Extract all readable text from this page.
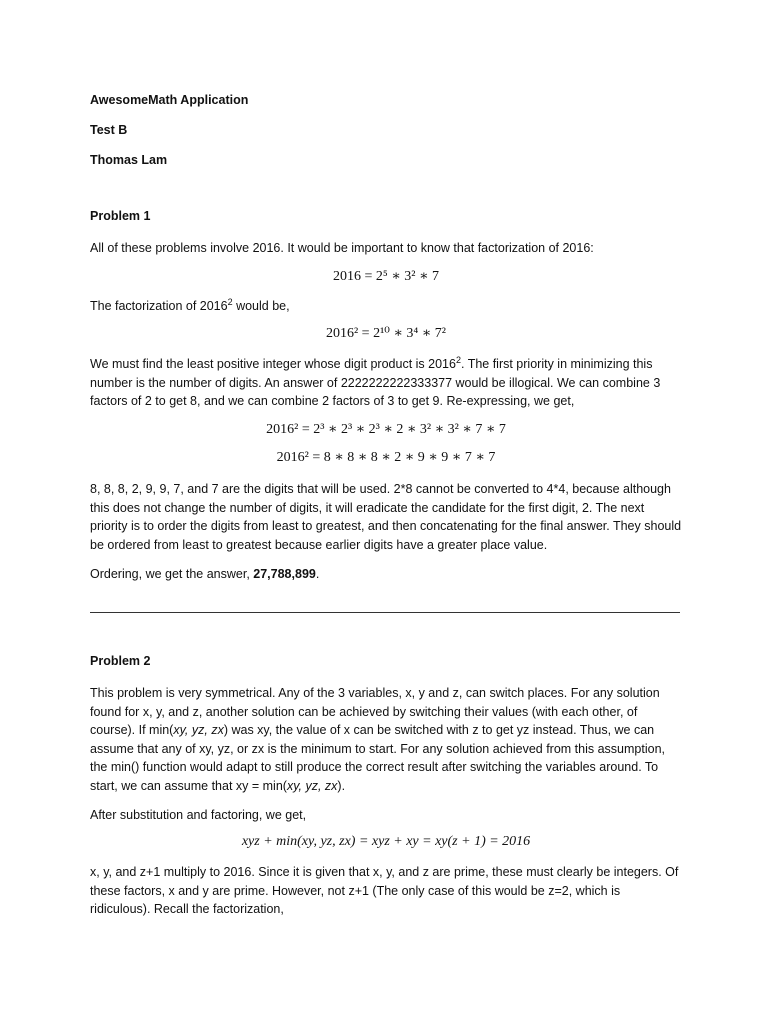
AwesomeMath Application
Test B
Thomas Lam
Problem 1

All of these problems involve 2016. It would be important to know that factorization of 2016:

2016 = 2⁵ ∗ 3² ∗ 7

The factorization of 2016$^2$ would be,

2016² = 2¹⁰ ∗ 3⁴ ∗ 7²

We must find the least positive integer whose digit product is 2016$^2$. The first priority in minimizing this number is the number of digits. An answer of 2222222222333377 would be illogical. We can combine 3 factors of 2 to get 8, and we can combine 2 factors of 3 to get 9. Re-expressing, we get,

2016² = 2³ ∗ 2³ ∗ 2³ ∗ 2 ∗ 3² ∗ 3² ∗ 7 ∗ 7
2016² = 8 ∗ 8 ∗ 8 ∗ 2 ∗ 9 ∗ 9 ∗ 7 ∗ 7

8, 8, 8, 2, 9, 9, 7, and 7 are the digits that will be used. 2*8 cannot be converted to 4*4, because although this does not change the number of digits, it will eradicate the candidate for the first digit, 2. The next priority is to order the digits from least to greatest, and then concatenating for the final answer. They should be ordered from least to greatest because earlier digits have a greater place value.

Ordering, we get the answer, 27,788,899.

Problem 2

This problem is very symmetrical. Any of the 3 variables, x, y and z, can switch places. For any solution found for x, y, and z, another solution can be achieved by switching their values (with each other, of course). If min(xy, yz, zx) was xy, the value of x can be switched with z to get yz instead. Thus, we can assume that any of xy, yz, or zx is the minimum to start. For any solution achieved from this assumption, the min() function would adapt to still produce the correct result after switching the variables around. To start, we can assume that xy = min(xy, yz, zx).

After substitution and factoring, we get,

xyz + min(xy, yz, zx) = xyz + xy = xy(z + 1) = 2016

x, y, and z+1 multiply to 2016. Since it is given that x, y, and z are prime, these must clearly be integers. Of these factors, x and y are prime. However, not z+1 (The only case of this would be z=2, which is ridiculous). Recall the factorization,
